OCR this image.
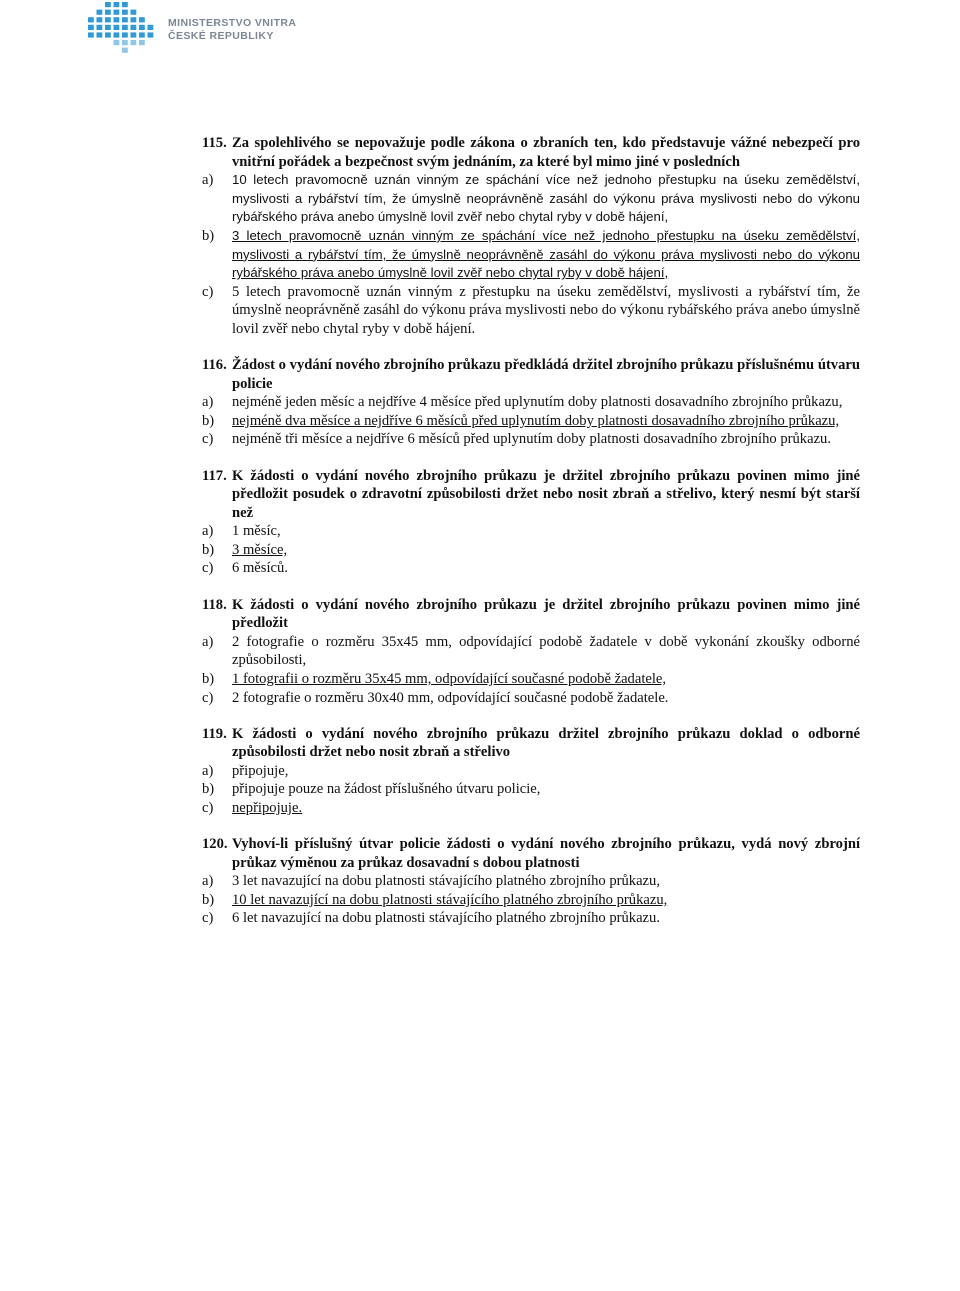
MINISTERSTVO VNITRA
ČESKÉ REPUBLIKY
115. Za spolehlivého se nepovažuje podle zákona o zbraních ten, kdo představuje vážné nebezpečí pro vnitřní pořádek a bezpečnost svým jednáním, za které byl mimo jiné v posledních
a)	10 letech pravomocně uznán vinným ze spáchání více než jednoho přestupku na úseku zemědělství, myslivosti a rybářství tím, že úmyslně neoprávněně zasáhl do výkonu práva myslivosti nebo do výkonu rybářského práva anebo úmyslně lovil zvěř nebo chytal ryby v době hájení,
b)	3 letech pravomocně uznán vinným ze spáchání více než jednoho přestupku na úseku zemědělství, myslivosti a rybářství tím, že úmyslně neoprávněně zasáhl do výkonu práva myslivosti nebo do výkonu rybářského práva anebo úmyslně lovil zvěř nebo chytal ryby v době hájení,
c)	5 letech pravomocně uznán vinným z přestupku na úseku zemědělství, myslivosti a rybářství tím, že úmyslně neoprávněně zasáhl do výkonu práva myslivosti nebo do výkonu rybářského práva anebo úmyslně lovil zvěř nebo chytal ryby v době hájení.
116. Žádost o vydání nového zbrojního průkazu předkládá držitel zbrojního průkazu příslušnému útvaru policie
a)	nejméně jeden měsíc a nejdříve 4 měsíce před uplynutím doby platnosti dosavadního zbrojního průkazu,
b)	nejméně dva měsíce a nejdříve 6 měsíců před uplynutím doby platnosti dosavadního zbrojního průkazu,
c)	nejméně tři měsíce a nejdříve 6 měsíců před uplynutím doby platnosti dosavadního zbrojního průkazu.
117. K žádosti o vydání nového zbrojního průkazu je držitel zbrojního průkazu povinen mimo jiné předložit posudek o zdravotní způsobilosti držet nebo nosit zbraň a střelivo, který nesmí být starší než
a)	1 měsíc,
b)	3 měsíce,
c)	6 měsíců.
118. K žádosti o vydání nového zbrojního průkazu je držitel zbrojního průkazu povinen mimo jiné předložit
a)	2 fotografie o rozměru 35x45 mm, odpovídající podobě žadatele v době vykonání zkoušky odborné způsobilosti,
b)	1 fotografii o rozměru 35x45 mm, odpovídající současné podobě žadatele,
c)	2 fotografie o rozměru 30x40 mm, odpovídající současné podobě žadatele.
119. K žádosti o vydání nového zbrojního průkazu držitel zbrojního průkazu doklad o odborné způsobilosti držet nebo nosit zbraň a střelivo
a)	připojuje,
b)	připojuje pouze na žádost příslušného útvaru policie,
c)	nepřipojuje.
120. Vyhoví-li příslušný útvar policie žádosti o vydání nového zbrojního průkazu, vydá nový zbrojní průkaz výměnou za průkaz dosavadní s dobou platnosti
a)	3 let navazující na dobu platnosti stávajícího platného zbrojního průkazu,
b)	10 let navazující na dobu platnosti stávajícího platného zbrojního průkazu,
c)	6 let navazující na dobu platnosti stávajícího platného zbrojního průkazu.
